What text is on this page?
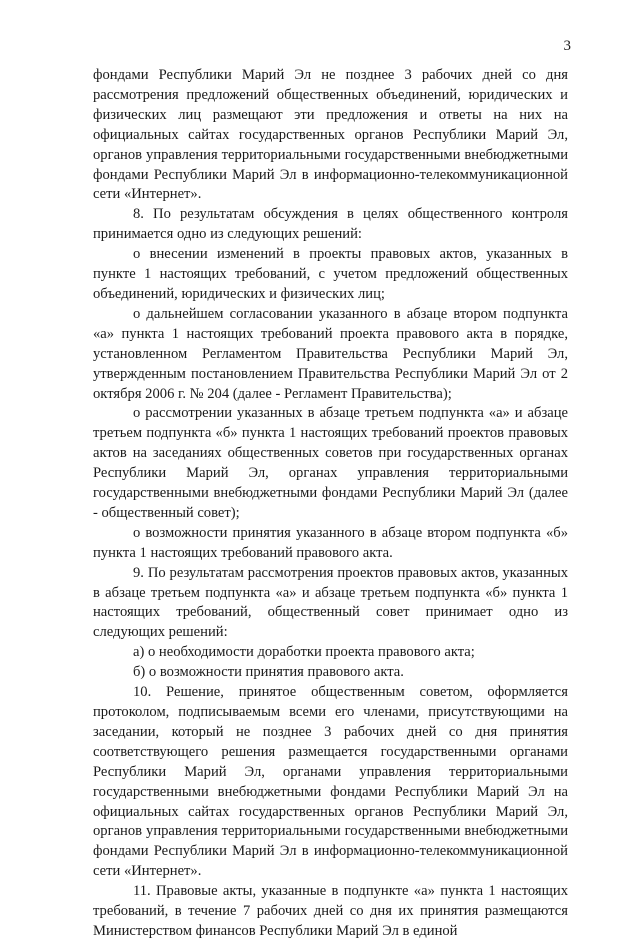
3

фондами Республики Марий Эл не позднее 3 рабочих дней со дня рассмотрения предложений общественных объединений, юридических и физических лиц размещают эти предложения и ответы на них на официальных сайтах государственных органов Республики Марий Эл, органов управления территориальными государственными внебюджетными фондами Республики Марий Эл в информационно-телекоммуникационной сети «Интернет».

8. По результатам обсуждения в целях общественного контроля принимается одно из следующих решений:

о внесении изменений в проекты правовых актов, указанных в пункте 1 настоящих требований, с учетом предложений общественных объединений, юридических и физических лиц;

о дальнейшем согласовании указанного в абзаце втором подпункта «а» пункта 1 настоящих требований проекта правового акта в порядке, установленном Регламентом Правительства Республики Марий Эл, утвержденным постановлением Правительства Республики Марий Эл от 2 октября 2006 г. № 204 (далее - Регламент Правительства);

о рассмотрении указанных в абзаце третьем подпункта «а» и абзаце третьем подпункта «б» пункта 1 настоящих требований проектов правовых актов на заседаниях общественных советов при государственных органах Республики Марий Эл, органах управления территориальными государственными внебюджетными фондами Республики Марий Эл (далее - общественный совет);

о возможности принятия указанного в абзаце втором подпункта «б» пункта 1 настоящих требований правового акта.

9. По результатам рассмотрения проектов правовых актов, указанных в абзаце третьем подпункта «а» и абзаце третьем подпункта «б» пункта 1 настоящих требований, общественный совет принимает одно из следующих решений:

а) о необходимости доработки проекта правового акта;

б) о возможности принятия правового акта.

10. Решение, принятое общественным советом, оформляется протоколом, подписываемым всеми его членами, присутствующими на заседании, который не позднее 3 рабочих дней со дня принятия соответствующего решения размещается государственными органами Республики Марий Эл, органами управления территориальными государственными внебюджетными фондами Республики Марий Эл на официальных сайтах государственных органов Республики Марий Эл, органов управления территориальными государственными внебюджетными фондами Республики Марий Эл в информационно-телекоммуникационной сети «Интернет».

11. Правовые акты, указанные в подпункте «а» пункта 1 настоящих требований, в течение 7 рабочих дней со дня их принятия размещаются Министерством финансов Республики Марий Эл в единой
